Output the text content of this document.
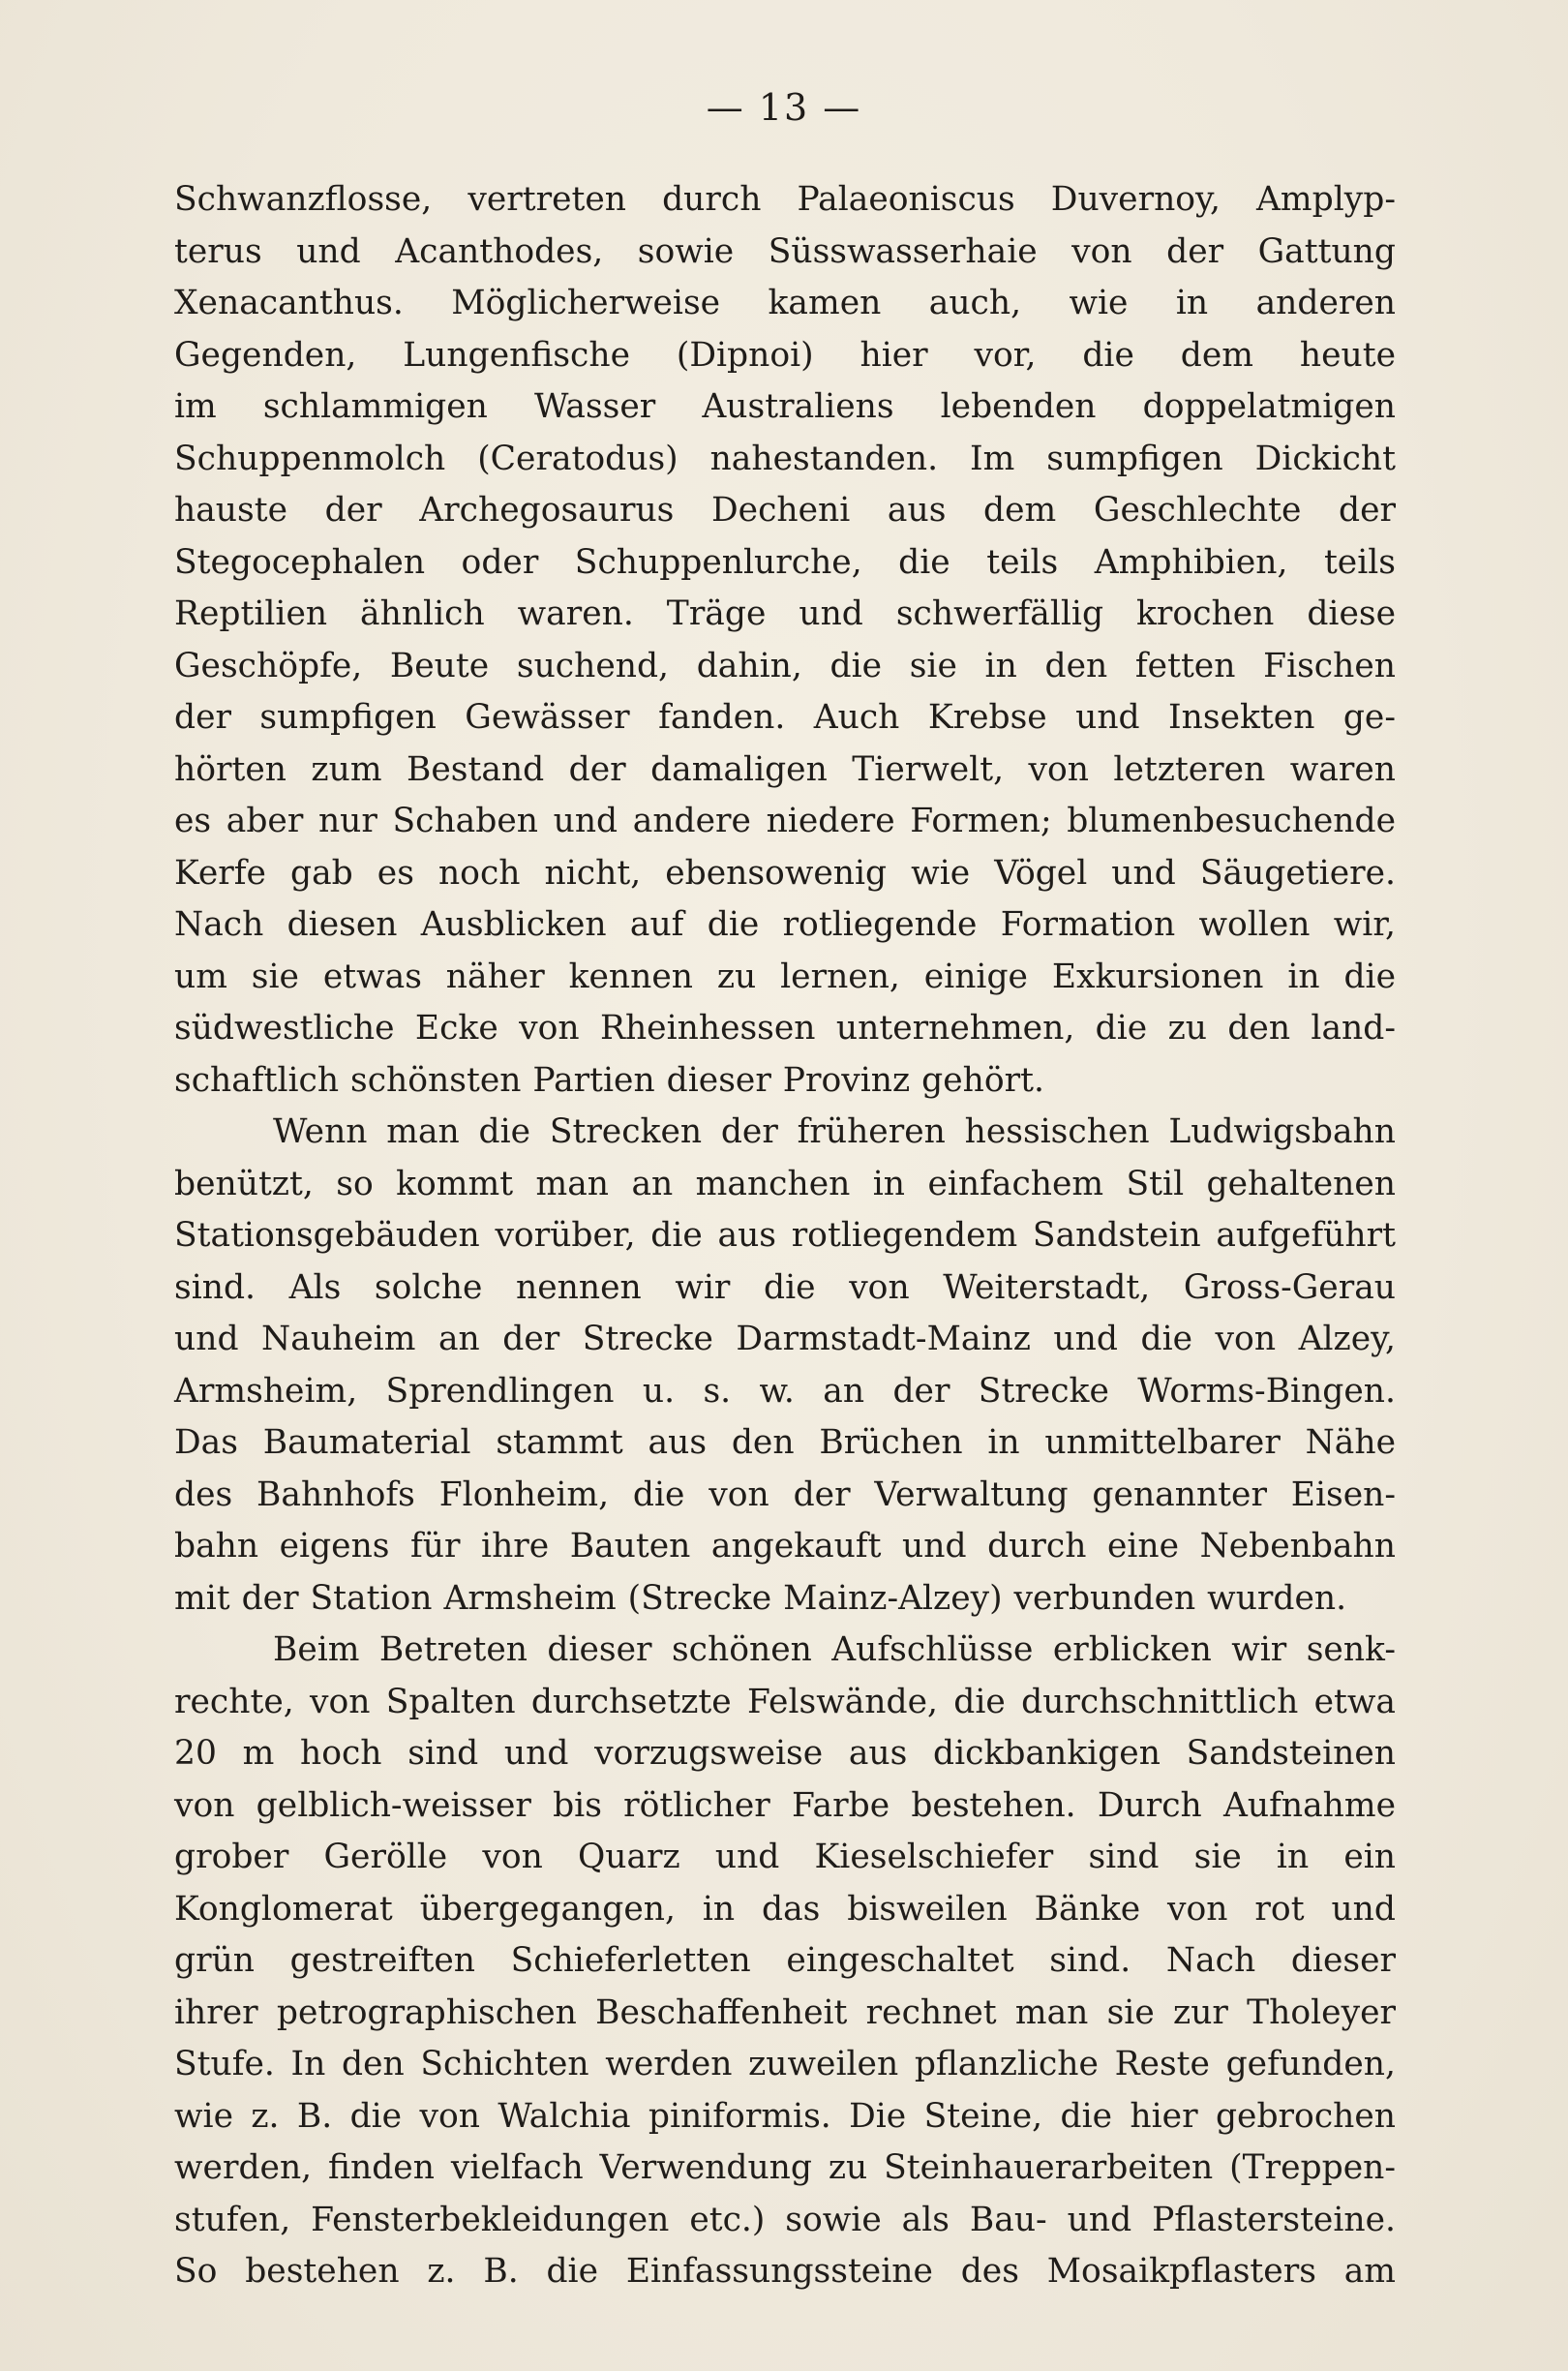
— 13 —
Schwanzflosse, vertreten durch Palaeoniscus Duvernoy, Amplyp-
terus und Acanthodes, sowie Süsswasserhaie von der Gattung
Xenacanthus. Möglicherweise kamen auch, wie in anderen
Gegenden, Lungenfische (Dipnoi) hier vor, die dem heute
im schlammigen Wasser Australiens lebenden doppelatmigen
Schuppenmolch (Ceratodus) nahestanden. Im sumpfigen Dickicht
hauste der Archegosaurus Decheni aus dem Geschlechte der
Stegocephalen oder Schuppenlurche, die teils Amphibien, teils
Reptilien ähnlich waren. Träge und schwerfällig krochen diese
Geschöpfe, Beute suchend, dahin, die sie in den fetten Fischen
der sumpfigen Gewässer fanden. Auch Krebse und Insekten ge-
hörten zum Bestand der damaligen Tierwelt, von letzteren waren
es aber nur Schaben und andere niedere Formen; blumenbesuchende
Kerfe gab es noch nicht, ebensowenig wie Vögel und Säugetiere.
Nach diesen Ausblicken auf die rotliegende Formation wollen wir,
um sie etwas näher kennen zu lernen, einige Exkursionen in die
südwestliche Ecke von Rheinhessen unternehmen, die zu den land-
schaftlich schönsten Partien dieser Provinz gehört.
Wenn man die Strecken der früheren hessischen Ludwigsbahn
benützt, so kommt man an manchen in einfachem Stil gehaltenen
Stationsgebäuden vorüber, die aus rotliegendem Sandstein aufgeführt
sind. Als solche nennen wir die von Weiterstadt, Gross-Gerau
und Nauheim an der Strecke Darmstadt-Mainz und die von Alzey,
Armsheim, Sprendlingen u. s. w. an der Strecke Worms-Bingen.
Das Baumaterial stammt aus den Brüchen in unmittelbarer Nähe
des Bahnhofs Flonheim, die von der Verwaltung genannter Eisen-
bahn eigens für ihre Bauten angekauft und durch eine Nebenbahn
mit der Station Armsheim (Strecke Mainz-Alzey) verbunden wurden.
Beim Betreten dieser schönen Aufschlüsse erblicken wir senk-
rechte, von Spalten durchsetzte Felswände, die durchschnittlich etwa
20 m hoch sind und vorzugsweise aus dickbankigen Sandsteinen
von gelblich-weisser bis rötlicher Farbe bestehen. Durch Aufnahme
grober Gerölle von Quarz und Kieselschiefer sind sie in ein
Konglomerat übergegangen, in das bisweilen Bänke von rot und
grün gestreiften Schieferletten eingeschaltet sind. Nach dieser
ihrer petrographischen Beschaffenheit rechnet man sie zur Tholeyer
Stufe. In den Schichten werden zuweilen pflanzliche Reste gefunden,
wie z. B. die von Walchia piniformis. Die Steine, die hier gebrochen
werden, finden vielfach Verwendung zu Steinhauerarbeiten (Treppen-
stufen, Fensterbekleidungen etc.) sowie als Bau- und Pflastersteine.
So bestehen z. B. die Einfassungssteine des Mosaikpflasters am
